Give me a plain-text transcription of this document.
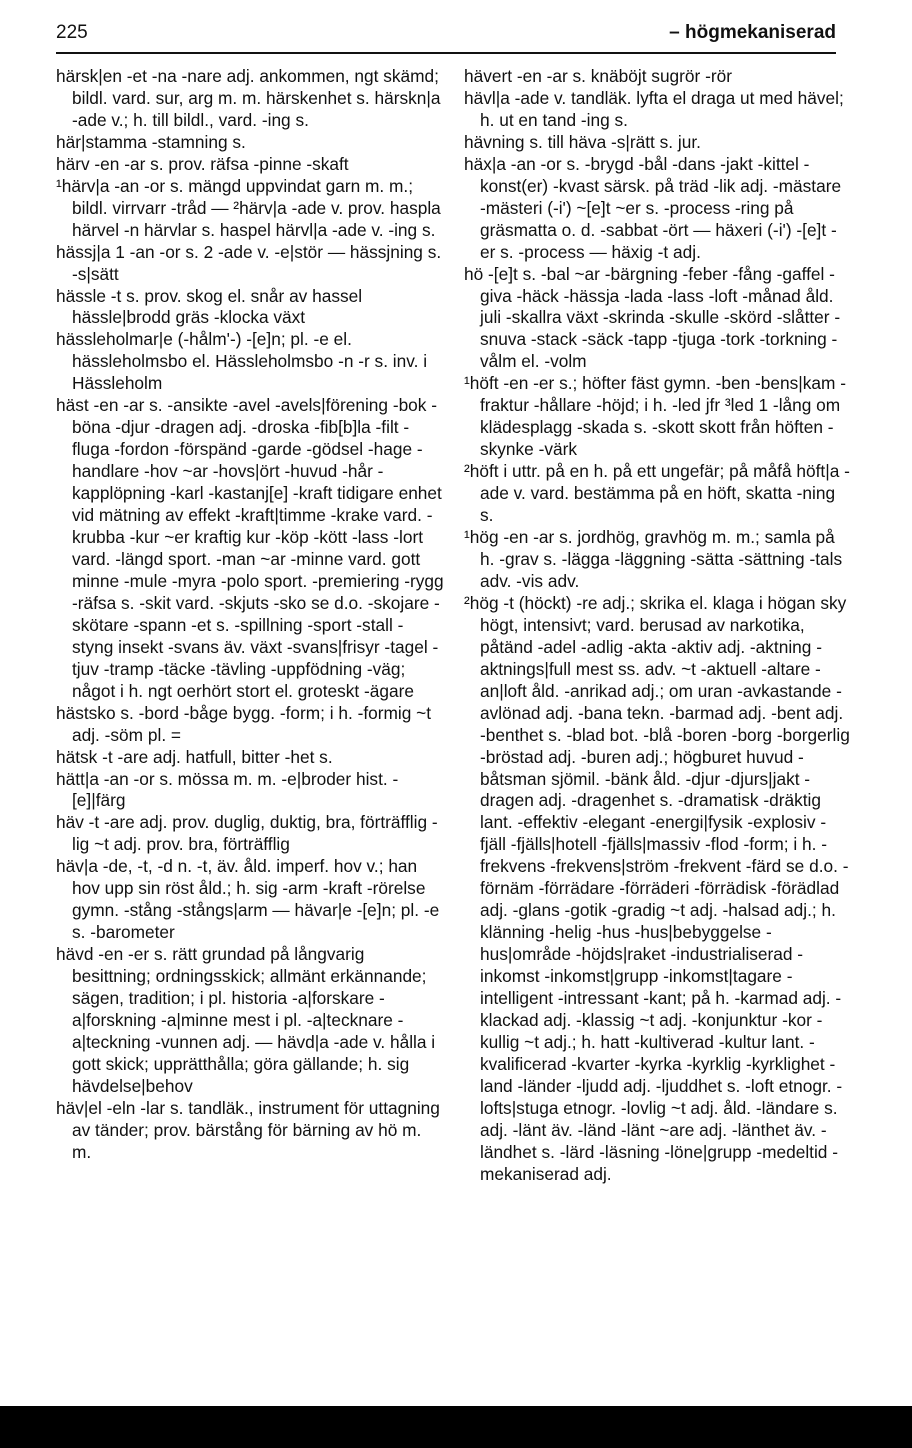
225	– högmekaniserad

härsk|en -et -na -nare adj. ankommen, ngt skämd; bildl. vard. sur, arg m. m. härskenhet s. härskn|a -ade v.; h. till bildl., vard. -ing s.

här|stamma -stamning s.

härv -en -ar s. prov. räfsa -pinne -skaft

¹härv|a -an -or s. mängd uppvindat garn m. m.; bildl. virrvarr -tråd — ²härv|a -ade v. prov. haspla härvel -n härvlar s. haspel härvl|a -ade v. -ing s.

hässj|a 1 -an -or s. 2 -ade v. -e|stör — hässjning s. -s|sätt

hässle -t s. prov. skog el. snår av hassel hässle|brodd gräs -klocka växt

hässleholmar|e (-hålm'-) -[e]n; pl. -e el. hässleholmsbo el. Hässleholmsbo -n -r s. inv. i Hässleholm

häst -en -ar s. -ansikte -avel -avels|förening -bok -böna -djur -dragen adj. -droska -fib[b]la -filt -fluga -fordon -förspänd -garde -gödsel -hage -handlare -hov ~ar -hovs|ört -huvud -hår -kapplöpning -karl -kastanj[e] -kraft tidigare enhet vid mätning av effekt -kraft|timme -krake vard. -krubba -kur ~er kraftig kur -köp -kött -lass -lort vard. -längd sport. -man ~ar -minne vard. gott minne -mule -myra -polo sport. -premiering -rygg -räfsa s. -skit vard. -skjuts -sko se d.o. -skojare -skötare -spann -et s. -spillning -sport -stall -styng insekt -svans äv. växt -svans|frisyr -tagel -tjuv -tramp -täcke -tävling -uppfödning -väg; något i h. ngt oerhört stort el. groteskt -ägare

hästsko s. -bord -båge bygg. -form; i h. -formig ~t adj. -söm pl. =

hätsk -t -are adj. hatfull, bitter -het s.

hätt|a -an -or s. mössa m. m. -e|broder hist. -[e]|färg

häv -t -are adj. prov. duglig, duktig, bra, förträfflig -lig ~t adj. prov. bra, förträfflig

häv|a -de, -t, -d n. -t, äv. åld. imperf. hov v.; han hov upp sin röst åld.; h. sig -arm -kraft -rörelse gymn. -stång -stångs|arm — hävar|e -[e]n; pl. -e s. -barometer

hävd -en -er s. rätt grundad på långvarig besittning; ordningsskick; allmänt erkännande; sägen, tradition; i pl. historia -a|forskare -a|forskning -a|minne mest i pl. -a|tecknare -a|teckning -vunnen adj. — hävd|a -ade v. hålla i gott skick; upprätthålla; göra gällande; h. sig hävdelse|behov

häv|el -eln -lar s. tandläk., instrument för uttagning av tänder; prov. bärstång för bärning av hö m. m.

hävert -en -ar s. knäböjt sugrör -rör

hävl|a -ade v. tandläk. lyfta el draga ut med hävel; h. ut en tand -ing s.

hävning s. till häva -s|rätt s. jur.

häx|a -an -or s. -brygd -bål -dans -jakt -kittel -konst(er) -kvast särsk. på träd -lik adj. -mästare -mästeri (-i') ~[e]t ~er s. -process -ring på gräsmatta o. d. -sabbat -ört — häxeri (-i') -[e]t -er s. -process — häxig -t adj.

hö -[e]t s. -bal ~ar -bärgning -feber -fång -gaffel -giva -häck -hässja -lada -lass -loft -månad åld. juli -skallra växt -skrinda -skulle -skörd -slåtter -snuva -stack -säck -tapp -tjuga -tork -torkning -vålm el. -volm

¹höft -en -er s.; höfter fäst gymn. -ben -bens|kam -fraktur -hållare -höjd; i h. -led jfr ³led 1 -lång om klädesplagg -skada s. -skott skott från höften -skynke -värk

²höft i uttr. på en h. på ett ungefär; på måfå höft|a -ade v. vard. bestämma på en höft, skatta -ning s.

¹hög -en -ar s. jordhög, gravhög m. m.; samla på h. -grav s. -lägga -läggning -sätta -sättning -tals adv. -vis adv.

²hög -t (höckt) -re adj.; skrika el. klaga i högan sky högt, intensivt; vard. berusad av narkotika, påtänd -adel -adlig -akta -aktiv adj. -aktning -aktnings|full mest ss. adv. ~t -aktuell -altare -an|loft åld. -anrikad adj.; om uran -avkastande -avlönad adj. -bana tekn. -barmad adj. -bent adj. -benthet s. -blad bot. -blå -boren -borg -borgerlig -bröstad adj. -buren adj.; högburet huvud -båtsman sjömil. -bänk åld. -djur -djurs|jakt -dragen adj. -dragenhet s. -dramatisk -dräktig lant. -effektiv -elegant -energi|fysik -explosiv -fjäll -fjälls|hotell -fjälls|massiv -flod -form; i h. -frekvens -frekvens|ström -frekvent -färd se d.o. -förnäm -förrädare -förräderi -förrädisk -förädlad adj. -glans -gotik -gradig ~t adj. -halsad adj.; h. klänning -helig -hus -hus|bebyggelse -hus|område -höjds|raket -industrialiserad -inkomst -inkomst|grupp -inkomst|tagare -intelligent -intressant -kant; på h. -karmad adj. -klackad adj. -klassig ~t adj. -konjunktur -kor -kullig ~t adj.; h. hatt -kultiverad -kultur lant. -kvalificerad -kvarter -kyrka -kyrklig -kyrklighet -land -länder -ljudd adj. -ljuddhet s. -loft etnogr. -lofts|stuga etnogr. -lovlig ~t adj. åld. -ländare s. adj. -länt äv. -länd -länt ~are adj. -länthet äv. -ländhet s. -lärd -läsning -löne|grupp -medeltid -mekaniserad adj.
